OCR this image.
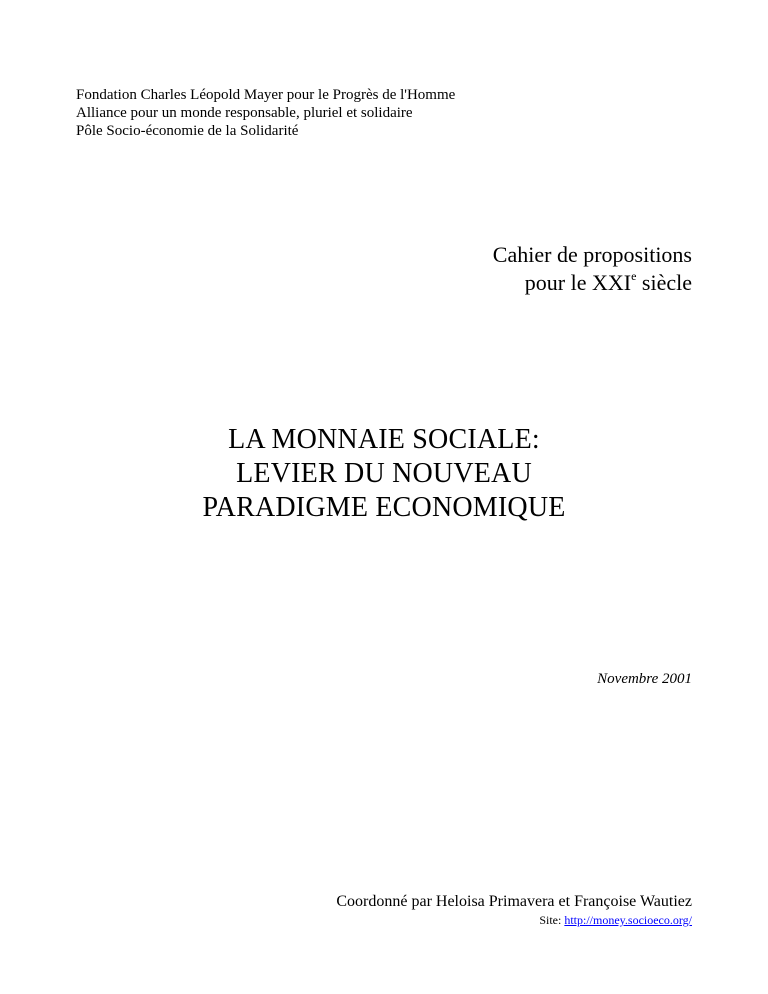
Fondation Charles Léopold Mayer pour le Progrès de l'Homme
Alliance pour un monde responsable, pluriel et solidaire
Pôle Socio-économie de la Solidarité
Cahier de propositions
pour le XXIe siècle
LA MONNAIE SOCIALE:
LEVIER DU NOUVEAU
PARADIGME ECONOMIQUE
Novembre 2001
Coordonné par Heloisa Primavera et Françoise Wautiez
Site: http://money.socioeco.org/
